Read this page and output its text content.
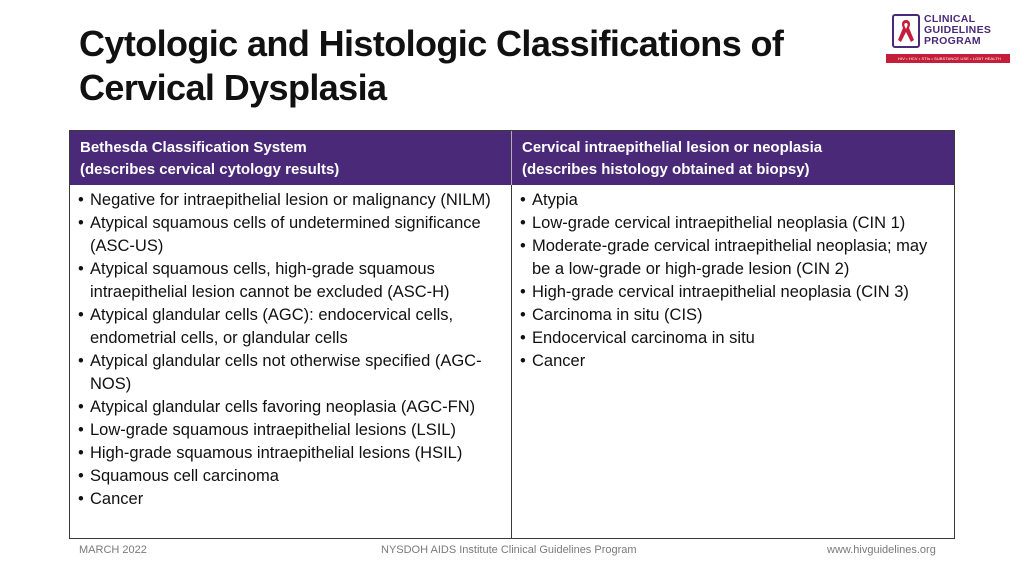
Cytologic and Histologic Classifications of
Cervical Dysplasia
CLINICAL
GUIDELINES
PROGRAM
HIV • HCV • STIs • SUBSTANCE USE • LGBT HEALTH
Bethesda Classification System
(describes cervical cytology results)
Cervical intraepithelial lesion or neoplasia
(describes histology obtained at biopsy)
• Negative for intraepithelial lesion or malignancy (NILM)
• Atypical squamous cells of undetermined significance (ASC-US)
• Atypical squamous cells, high-grade squamous intraepithelial lesion cannot be excluded (ASC-H)
• Atypical glandular cells (AGC): endocervical cells, endometrial cells, or glandular cells
• Atypical glandular cells not otherwise specified (AGC-NOS)
• Atypical glandular cells favoring neoplasia (AGC-FN)
• Low-grade squamous intraepithelial lesions (LSIL)
• High-grade squamous intraepithelial lesions (HSIL)
• Squamous cell carcinoma
• Cancer
• Atypia
• Low-grade cervical intraepithelial neoplasia (CIN 1)
• Moderate-grade cervical intraepithelial neoplasia; may be a low-grade or high-grade lesion (CIN 2)
• High-grade cervical intraepithelial neoplasia (CIN 3)
• Carcinoma in situ (CIS)
• Endocervical carcinoma in situ
• Cancer
MARCH 2022	NYSDOH AIDS Institute Clinical Guidelines Program	www.hivguidelines.org
